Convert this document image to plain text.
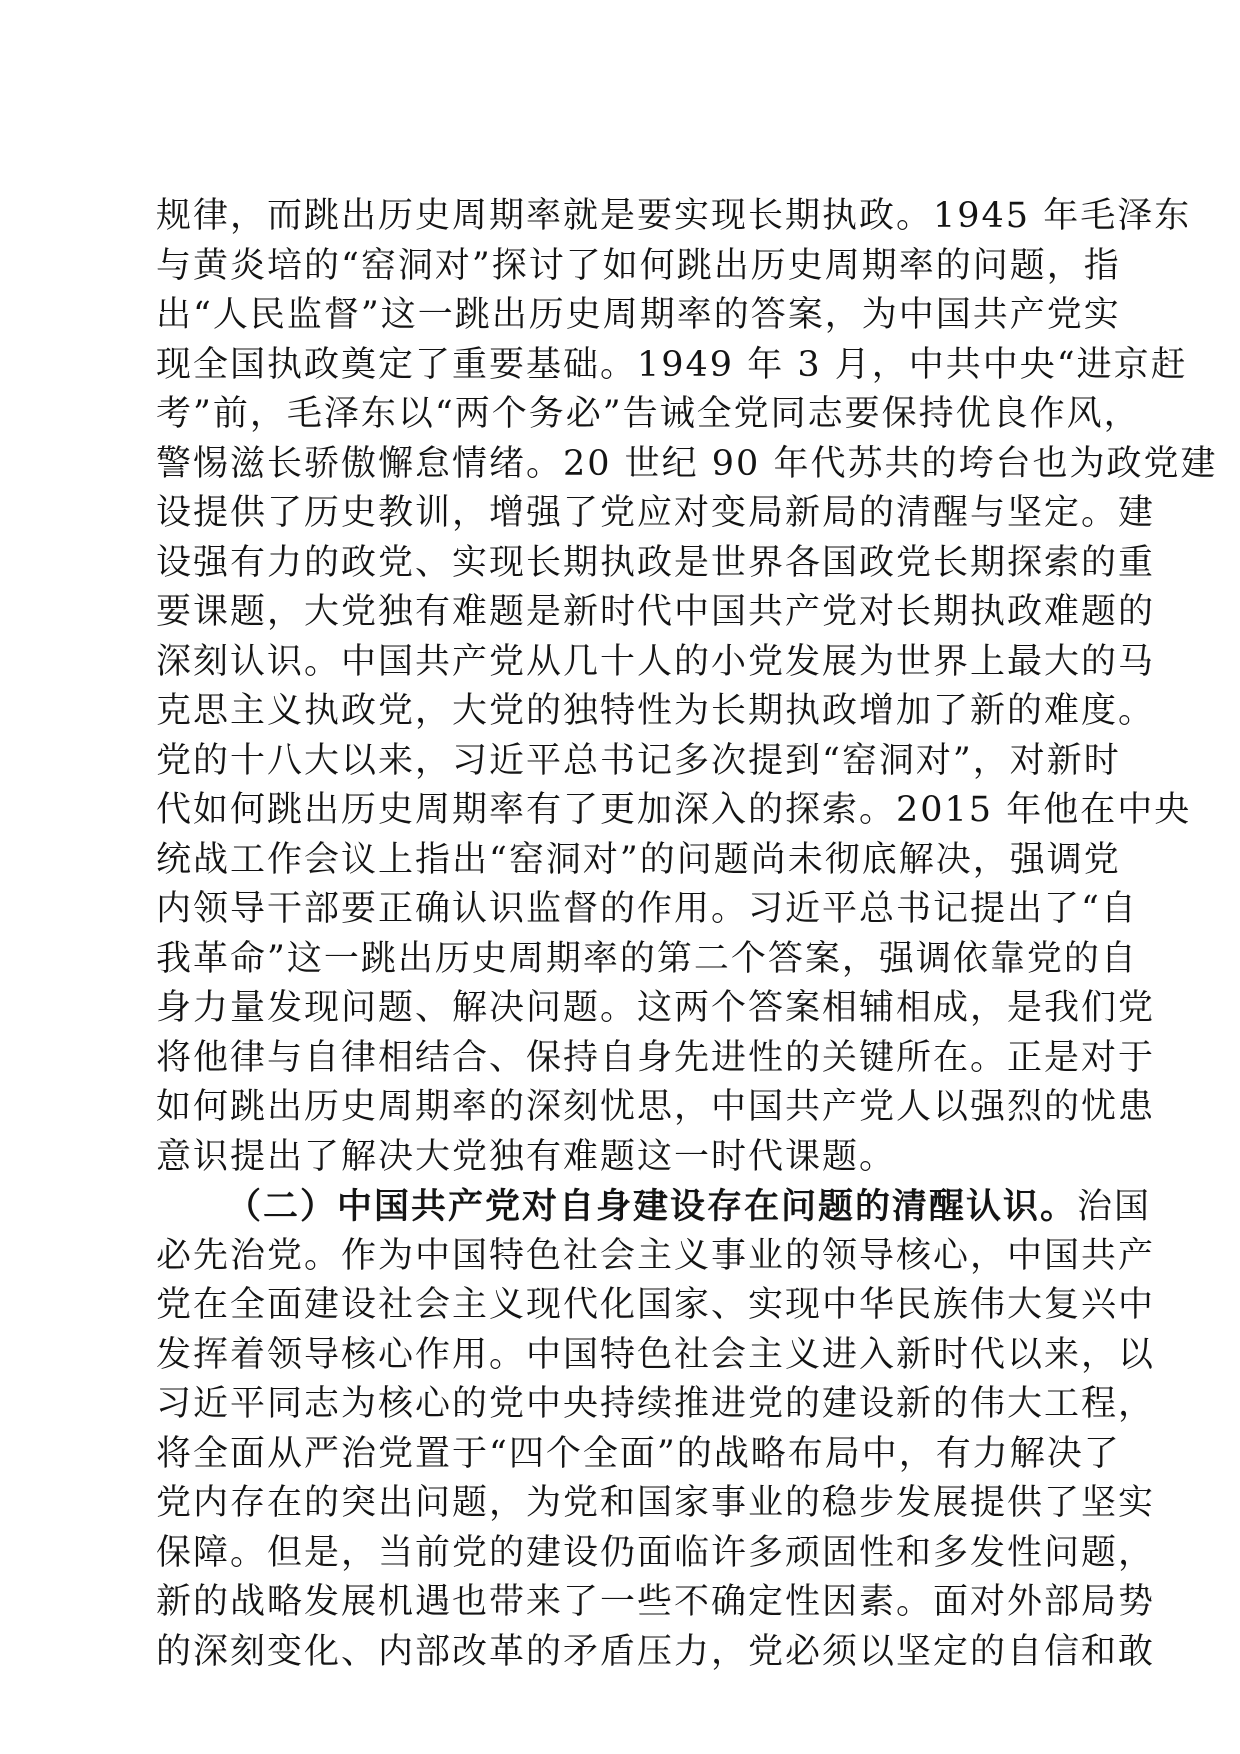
规律，而跳出历史周期率就是要实现长期执政。1945 年毛泽东
与黄炎培的“窑洞对”探讨了如何跳出历史周期率的问题，指
出“人民监督”这一跳出历史周期率的答案，为中国共产党实
现全国执政奠定了重要基础。1949 年 3 月，中共中央“进京赶
考”前，毛泽东以“两个务必”告诫全党同志要保持优良作风，
警惕滋长骄傲懈怠情绪。20 世纪 90 年代苏共的垮台也为政党建
设提供了历史教训，增强了党应对变局新局的清醒与坚定。建
设强有力的政党、实现长期执政是世界各国政党长期探索的重
要课题，大党独有难题是新时代中国共产党对长期执政难题的
深刻认识。中国共产党从几十人的小党发展为世界上最大的马
克思主义执政党，大党的独特性为长期执政增加了新的难度。
党的十八大以来，习近平总书记多次提到“窑洞对”，对新时
代如何跳出历史周期率有了更加深入的探索。2015 年他在中央
统战工作会议上指出“窑洞对”的问题尚未彻底解决，强调党
内领导干部要正确认识监督的作用。习近平总书记提出了“自
我革命”这一跳出历史周期率的第二个答案，强调依靠党的自
身力量发现问题、解决问题。这两个答案相辅相成，是我们党
将他律与自律相结合、保持自身先进性的关键所在。正是对于
如何跳出历史周期率的深刻忧思，中国共产党人以强烈的忧患
意识提出了解决大党独有难题这一时代课题。
（二）中国共产党对自身建设存在问题的清醒认识。治国
必先治党。作为中国特色社会主义事业的领导核心，中国共产
党在全面建设社会主义现代化国家、实现中华民族伟大复兴中
发挥着领导核心作用。中国特色社会主义进入新时代以来，以
习近平同志为核心的党中央持续推进党的建设新的伟大工程，
将全面从严治党置于“四个全面”的战略布局中，有力解决了
党内存在的突出问题，为党和国家事业的稳步发展提供了坚实
保障。但是，当前党的建设仍面临许多顽固性和多发性问题，
新的战略发展机遇也带来了一些不确定性因素。面对外部局势
的深刻变化、内部改革的矛盾压力，党必须以坚定的自信和敢
